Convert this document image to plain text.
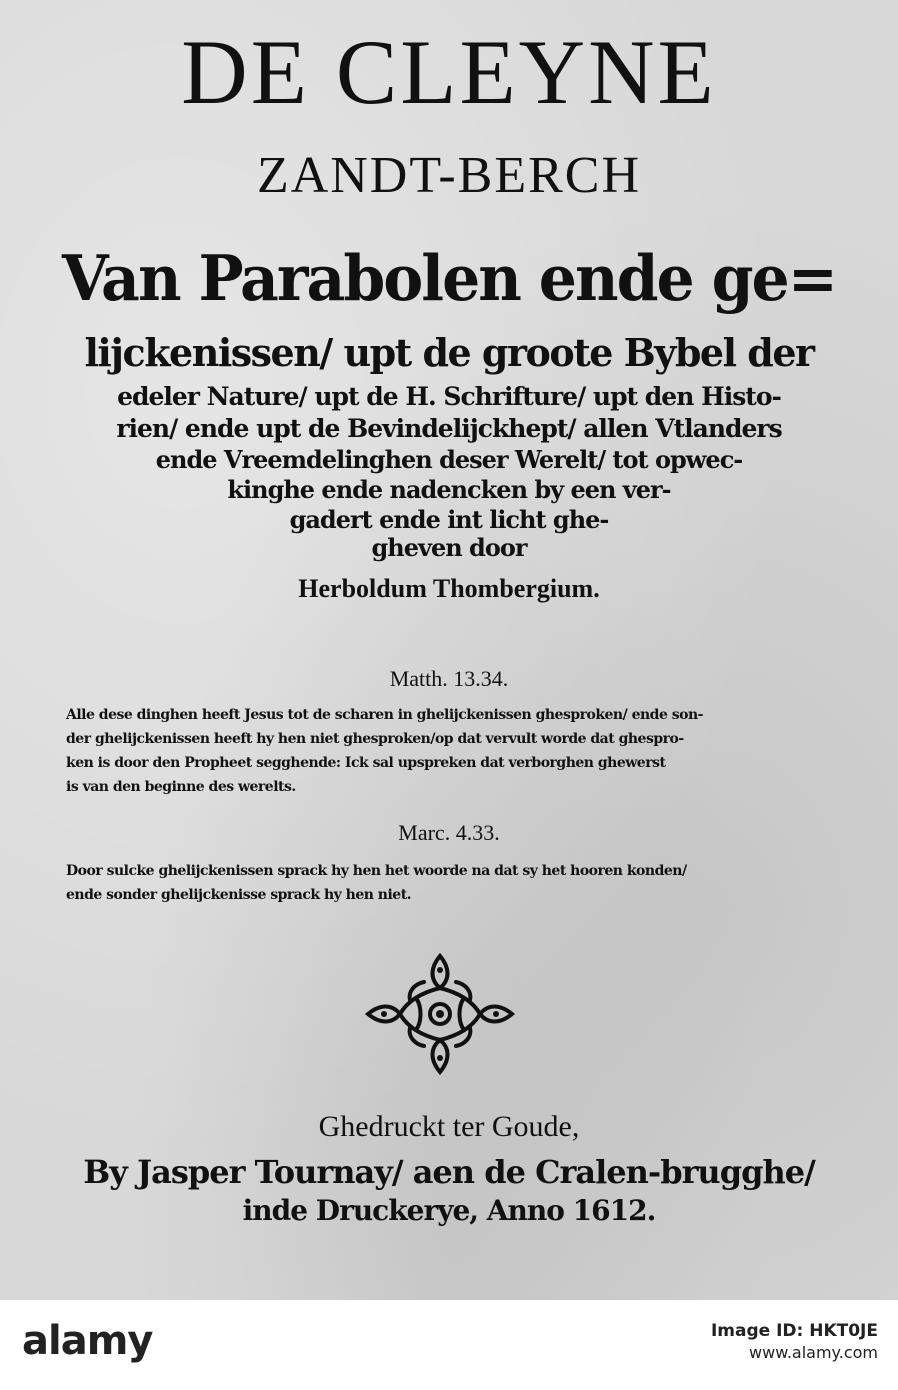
DE CLEYNE

ZANDT-BERCH

Van Parabolen ende ge=

lijckenissen/ upt de groote Bybel der

edeler Nature/ upt de H. Schrifture/ upt den Histo-

rien/ ende upt de Bevindelijckhept/ allen Vtlanders

ende Vreemdelinghen deser Werelt/ tot opwec-

kinghe ende nadencken by een ver-

gadert ende int licht ghe-

gheven door

Herboldum Thombergium.

Matth. 13.34.

Alle dese dinghen heeft Jesus tot de scharen in ghelijckenissen ghesproken/ ende son-

der ghelijckenissen heeft hy hen niet ghesproken/op dat vervult worde dat ghespro-

ken is door den Propheet segghende: Ick sal upspreken dat verborghen ghewerst

is van den beginne des werelts.

Marc. 4.33.

Door sulcke ghelijckenissen sprack hy hen het woorde na dat sy het hooren konden/

ende sonder ghelijckenisse sprack hy hen niet.

Ghedruckt ter Goude,

By Jasper Tournay/ aen de Cralen-brugghe/

inde Druckerye, Anno 1612.

alamy	Image ID: HKT0JE
www.alamy.com
